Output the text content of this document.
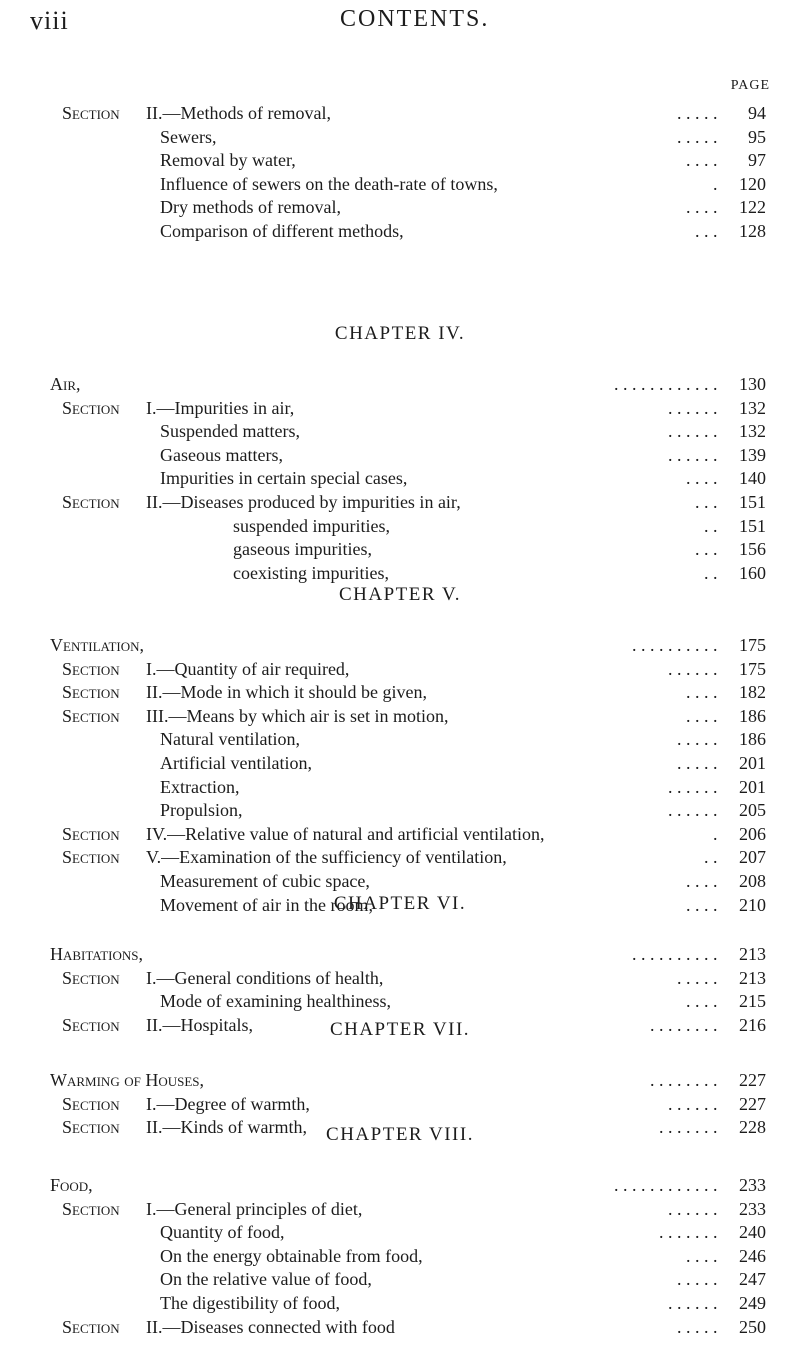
viii	CONTENTS.
PAGE
Section II.—Methods of removal,	. . . . . 94
Sewers,	. . . . . 95
Removal by water,	. . . . 97
Influence of sewers on the death-rate of towns,	. 120
Dry methods of removal,	. . . . 122
Comparison of different methods,	. . . 128
CHAPTER IV.
Air,	. . . . . . . . . . . . 130
Section I.—Impurities in air,	. . . . . . 132
Suspended matters,	. . . . . . 132
Gaseous matters,	. . . . . . 139
Impurities in certain special cases,	. . . . 140
Section II.—Diseases produced by impurities in air,	. . . 151
suspended impurities,	. . 151
gaseous impurities,	. . . 156
coexisting impurities,	. . 160
CHAPTER V.
Ventilation,	. . . . . . . . . . 175
Section I.—Quantity of air required,	. . . . . . 175
Section II.—Mode in which it should be given,	. . . . 182
Section III.—Means by which air is set in motion,	. . . . 186
Natural ventilation,	. . . . . 186
Artificial ventilation,	. . . . . 201
Extraction,	. . . . . . 201
Propulsion,	. . . . . . 205
Section IV.—Relative value of natural and artificial ventilation,	. 206
Section V.—Examination of the sufficiency of ventilation,	. . 207
Measurement of cubic space,	. . . . 208
Movement of air in the room,	. . . . 210
CHAPTER VI.
Habitations,	. . . . . . . . . . 213
Section I.—General conditions of health,	. . . . . 213
Mode of examining healthiness,	. . . . 215
Section II.—Hospitals,	. . . . . . . . 216
CHAPTER VII.
Warming of Houses,	. . . . . . . . 227
Section I.—Degree of warmth,	. . . . . . 227
Section II.—Kinds of warmth,	. . . . . . . 228
CHAPTER VIII.
Food,	. . . . . . . . . . . . 233
Section I.—General principles of diet,	. . . . . . 233
Quantity of food,	. . . . . . . 240
On the energy obtainable from food,	. . . . 246
On the relative value of food,	. . . . . 247
The digestibility of food,	. . . . . . 249
Section II.—Diseases connected with food	. . . . . 250
